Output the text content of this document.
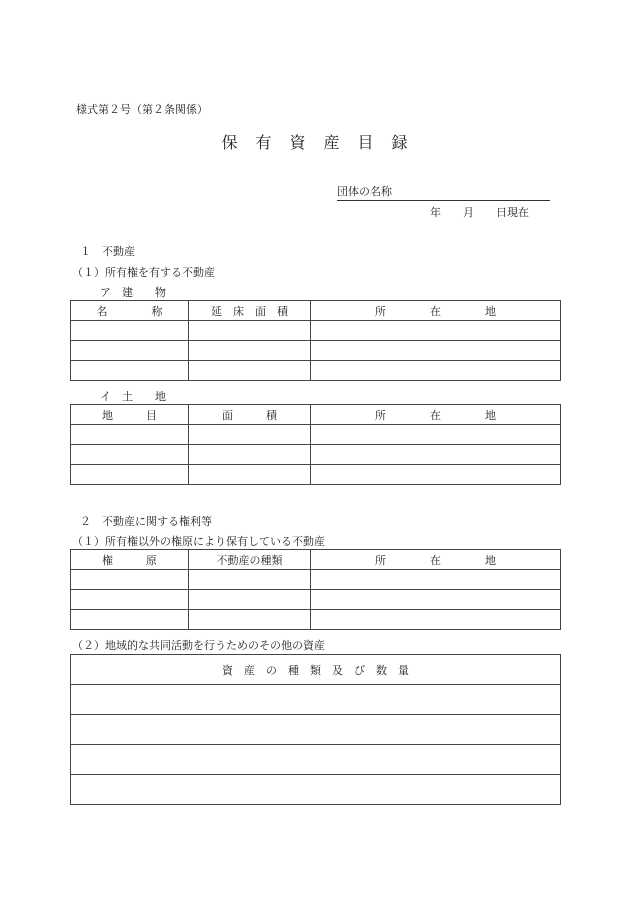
様式第２号（第２条関係）
保　有　資　産　目　録
団体の名称
年　　月　　日現在
１　不動産
（１）所有権を有する不動産
ア　建　　物
名　　　　称	延　床　面　積	所　　　　在　　　　地

イ　土　　地
地　　　目	面　　　積	所　　　　在　　　　地

２　不動産に関する権利等
（１）所有権以外の権原により保有している不動産
権　　　原	不動産の種類	所　　　　在　　　　地

（２）地域的な共同活動を行うためのその他の資産
資　産　の　種　類　及　び　数　量
